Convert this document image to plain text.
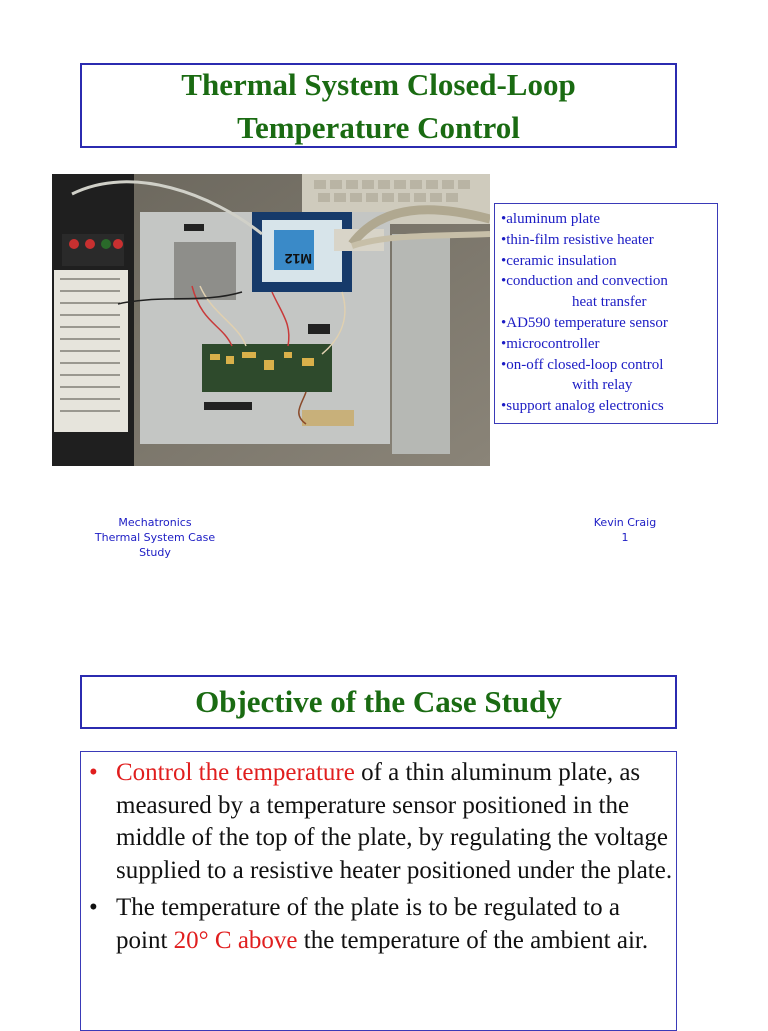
Thermal System Closed-Loop
Temperature Control
M12
•aluminum plate
•thin-film resistive heater
•ceramic insulation
•conduction and convection
heat transfer
•AD590 temperature sensor
•microcontroller
•on-off closed-loop control
with relay
•support analog electronics
Mechatronics
Thermal System Case Study
Kevin Craig
1
Objective of the Case Study
• Control the temperature of a thin aluminum plate, as measured by a temperature sensor positioned in the middle of the top of the plate, by regulating the voltage supplied to a resistive heater positioned under the plate.
• The temperature of the plate is to be regulated to a point 20° C above the temperature of the ambient air.
